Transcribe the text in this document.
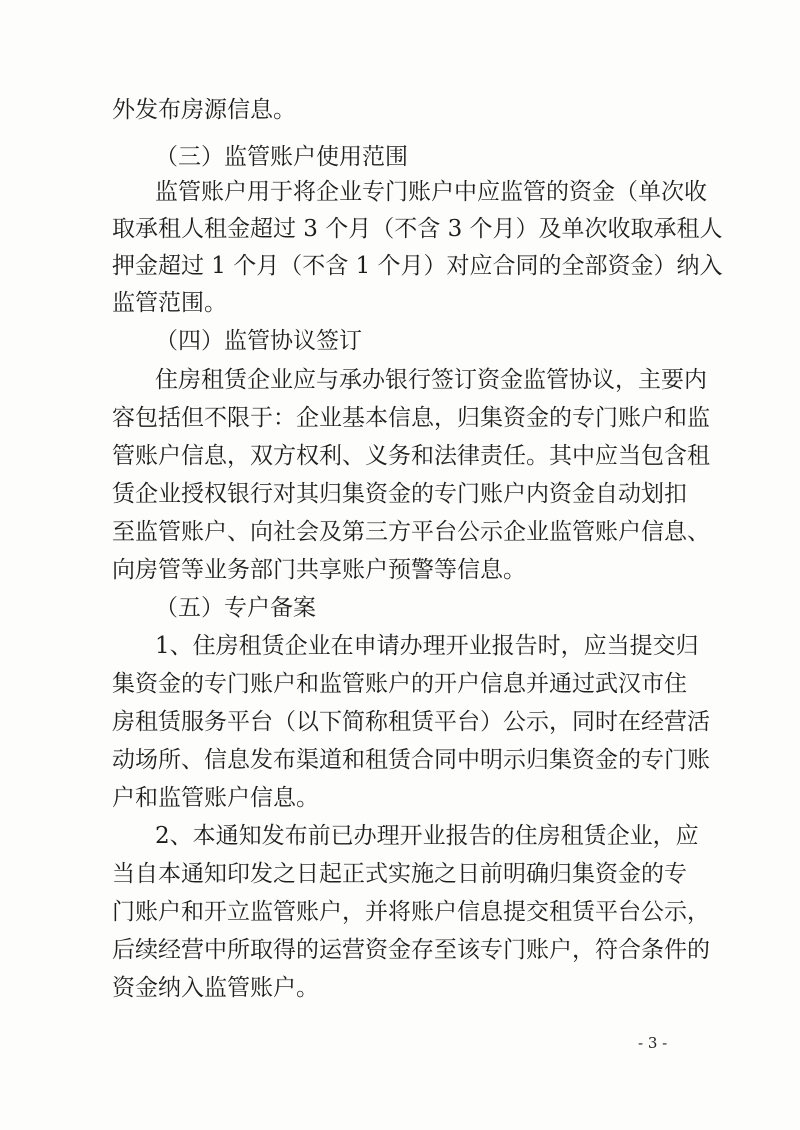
外发布房源信息。

（三）监管账户使用范围

监管账户用于将企业专门账户中应监管的资金（单次收
取承租人租金超过 3 个月（不含 3 个月）及单次收取承租人
押金超过 1 个月（不含 1 个月）对应合同的全部资金）纳入
监管范围。

（四）监管协议签订

住房租赁企业应与承办银行签订资金监管协议，主要内
容包括但不限于：企业基本信息，归集资金的专门账户和监
管账户信息，双方权利、义务和法律责任。其中应当包含租
赁企业授权银行对其归集资金的专门账户内资金自动划扣
至监管账户、向社会及第三方平台公示企业监管账户信息、
向房管等业务部门共享账户预警等信息。

（五）专户备案

1、住房租赁企业在申请办理开业报告时，应当提交归
集资金的专门账户和监管账户的开户信息并通过武汉市住
房租赁服务平台（以下简称租赁平台）公示，同时在经营活
动场所、信息发布渠道和租赁合同中明示归集资金的专门账
户和监管账户信息。
2、本通知发布前已办理开业报告的住房租赁企业，应
当自本通知印发之日起正式实施之日前明确归集资金的专
门账户和开立监管账户，并将账户信息提交租赁平台公示，
后续经营中所取得的运营资金存至该专门账户，符合条件的
资金纳入监管账户。
- 3 -
